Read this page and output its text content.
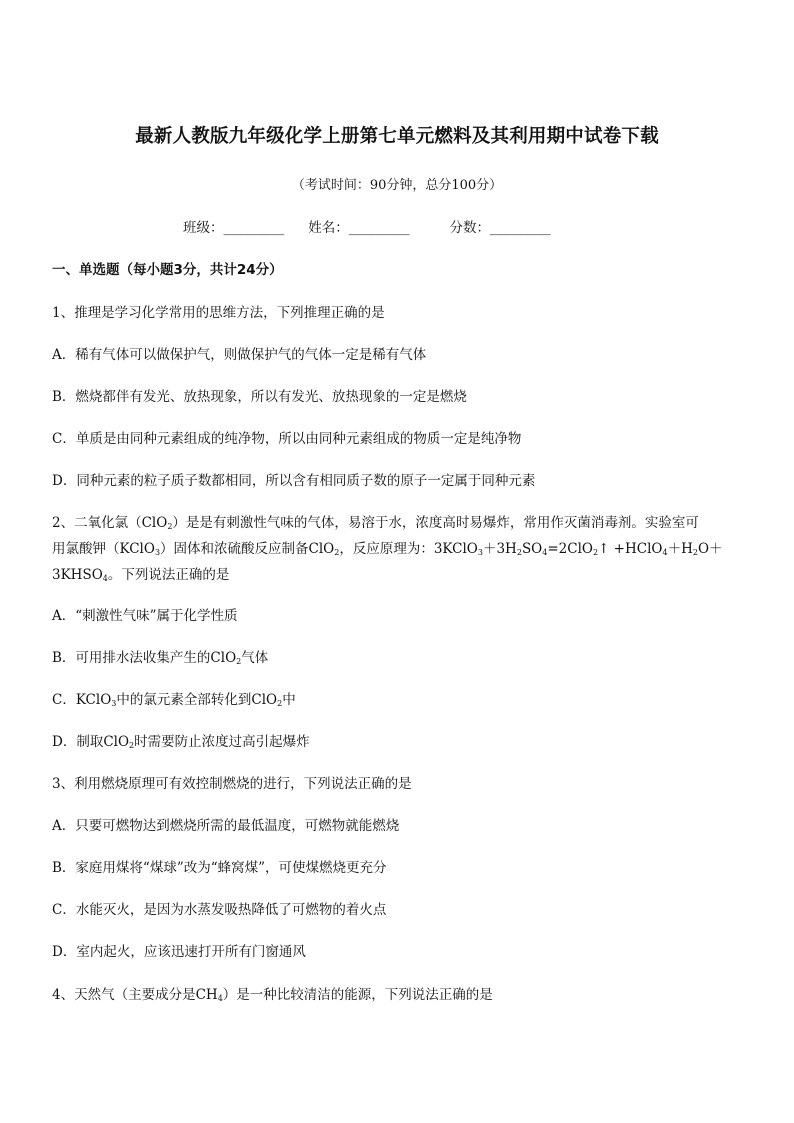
最新人教版九年级化学上册第七单元燃料及其利用期中试卷下载
（考试时间：90分钟，总分100分）
班级：_________ 姓名：_________	分数：_________
一、单选题（每小题3分，共计24分）
1、推理是学习化学常用的思维方法，下列推理正确的是
A．稀有气体可以做保护气，则做保护气的气体一定是稀有气体
B．燃烧都伴有发光、放热现象，所以有发光、放热现象的一定是燃烧
C．单质是由同种元素组成的纯净物，所以由同种元素组成的物质一定是纯净物
D．同种元素的粒子质子数都相同，所以含有相同质子数的原子一定属于同种元素
2、二氧化氯（ClO$_2$）是是有刺激性气味的气体，易溶于水，浓度高时易爆炸，常用作灭菌消毒剂。实验室可
用氯酸钾（KClO$_3$）固体和浓硫酸反应制备ClO$_2$，反应原理为：$3KClO_3+3H_2SO_4=2ClO_2↑$ $+HClO_4+H_2O+$
$3KHSO_4$。下列说法正确的是
A．“刺激性气味”属于化学性质
B．可用排水法收集产生的ClO$_2$气体
C．KClO$_3$中的氯元素全部转化到ClO$_2$中
D．制取ClO$_2$时需要防止浓度过高引起爆炸
3、利用燃烧原理可有效控制燃烧的进行，下列说法正确的是
A．只要可燃物达到燃烧所需的最低温度，可燃物就能燃烧
B．家庭用煤将“煤球”改为“蜂窝煤”，可使煤燃烧更充分
C．水能灭火，是因为水蒸发吸热降低了可燃物的着火点
D．室内起火，应该迅速打开所有门窗通风
4、天然气（主要成分是$CH_4$）是一种比较清洁的能源，下列说法正确的是
